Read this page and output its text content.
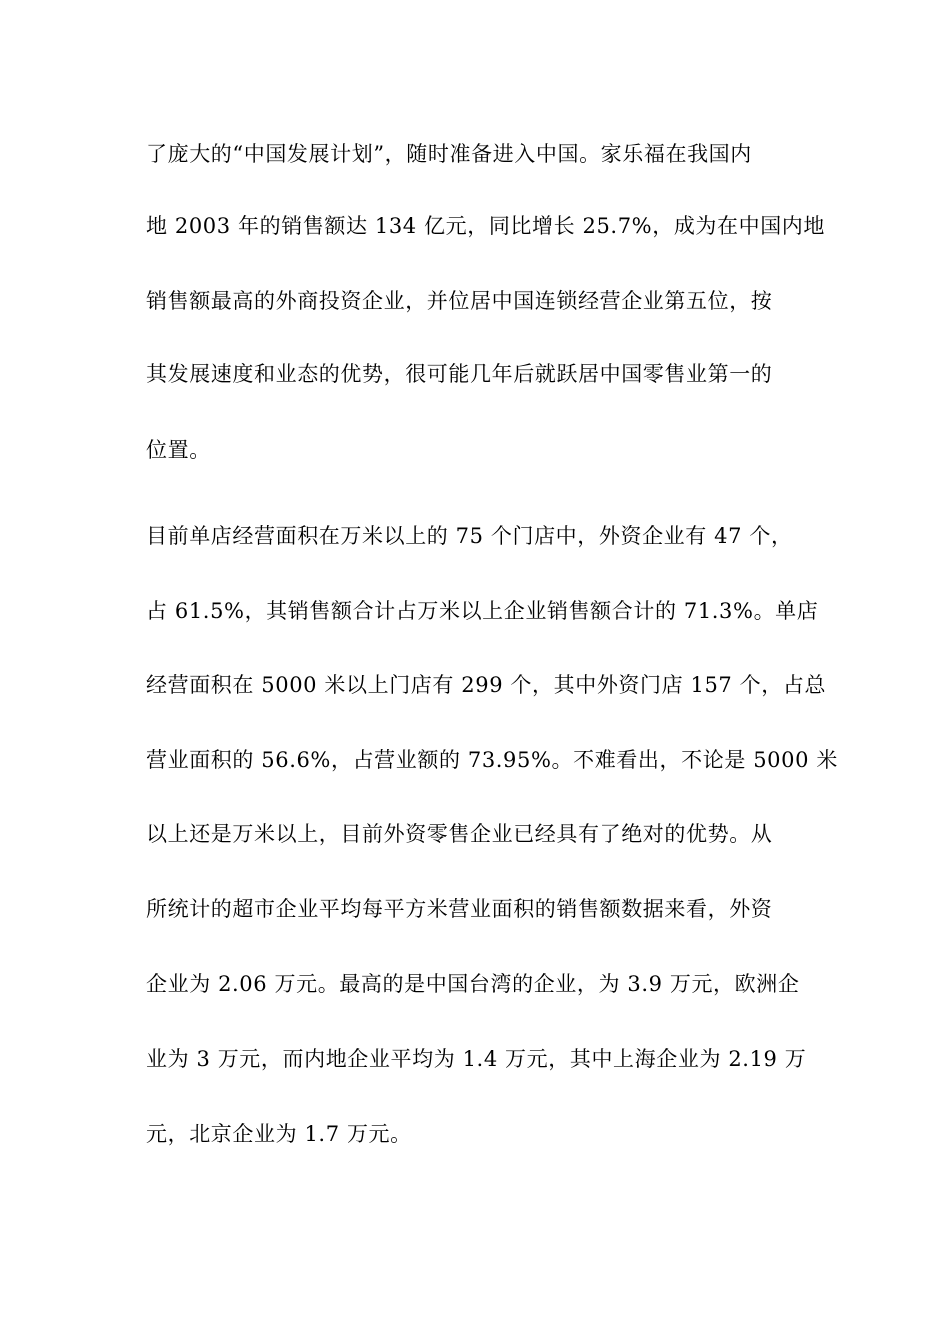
了庞大的“中国发展计划”，随时准备进入中国。家乐福在我国内
地 2003 年的销售额达 134 亿元，同比增长 25.7%，成为在中国内地
销售额最高的外商投资企业，并位居中国连锁经营企业第五位，按
其发展速度和业态的优势，很可能几年后就跃居中国零售业第一的
位置。
目前单店经营面积在万米以上的 75 个门店中，外资企业有 47 个，
占 61.5%，其销售额合计占万米以上企业销售额合计的 71.3%。单店
经营面积在 5000 米以上门店有 299 个，其中外资门店 157 个，占总
营业面积的 56.6%，占营业额的 73.95%。不难看出，不论是 5000 米
以上还是万米以上，目前外资零售企业已经具有了绝对的优势。从
所统计的超市企业平均每平方米营业面积的销售额数据来看，外资
企业为 2.06 万元。最高的是中国台湾的企业，为 3.9 万元，欧洲企
业为 3 万元，而内地企业平均为 1.4 万元，其中上海企业为 2.19 万
元，北京企业为 1.7 万元。
